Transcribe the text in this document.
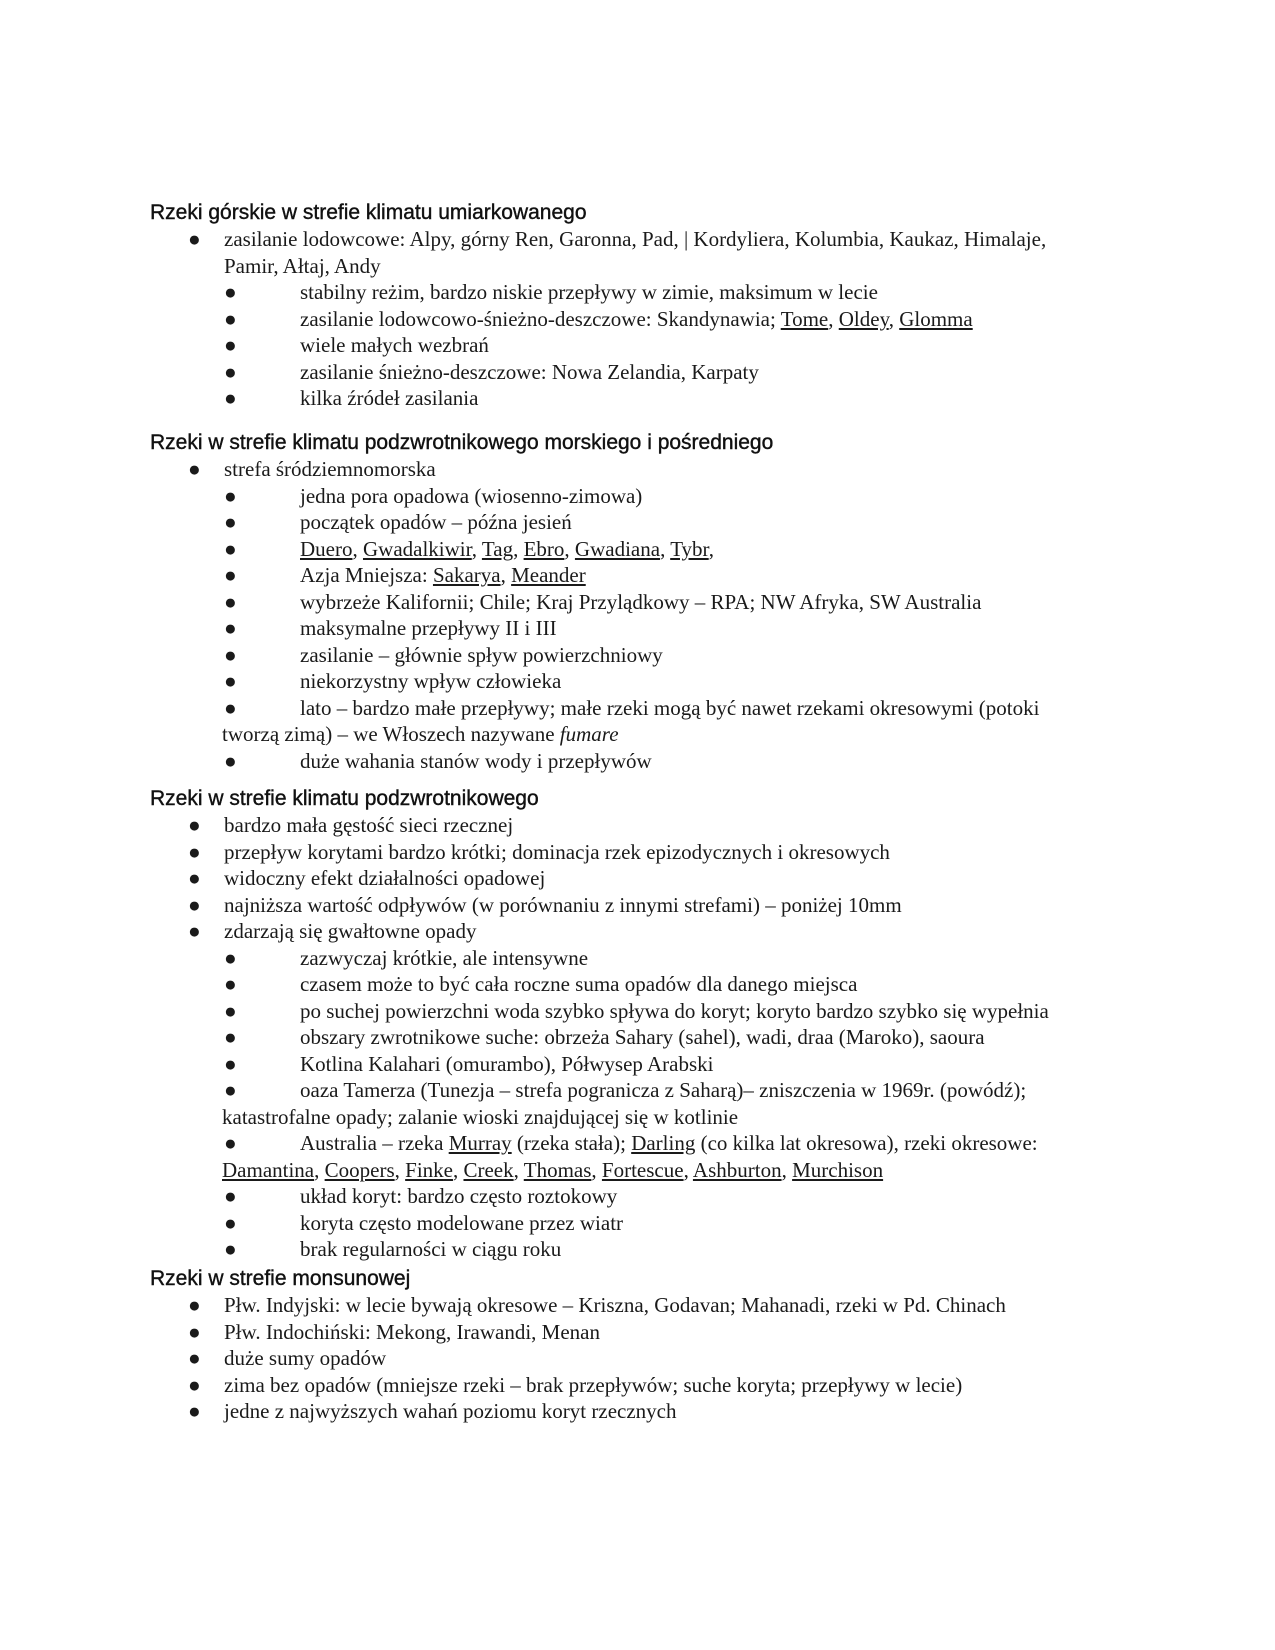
Rzeki górskie w strefie klimatu umiarkowanego
● zasilanie lodowcowe: Alpy, górny Ren, Garonna, Pad, | Kordyliera, Kolumbia, Kaukaz, Himalaje,
Pamir, Ałtaj, Andy
●	stabilny reżim, bardzo niskie przepływy w zimie, maksimum w lecie
●	zasilanie lodowcowo-śnieżno-deszczowe: Skandynawia; Tome, Oldey, Glomma
●	wiele małych wezbrań
●	zasilanie śnieżno-deszczowe: Nowa Zelandia, Karpaty
●	kilka źródeł zasilania
Rzeki w strefie klimatu podzwrotnikowego morskiego i pośredniego
● strefa śródziemnomorska
●	jedna pora opadowa (wiosenno-zimowa)
●	początek opadów – późna jesień
●	Duero, Gwadalkiwir, Tag, Ebro, Gwadiana, Tybr,
●	Azja Mniejsza: Sakarya, Meander
●	wybrzeże Kalifornii; Chile; Kraj Przylądkowy – RPA; NW Afryka, SW Australia
●	maksymalne przepływy II i III
●	zasilanie – głównie spływ powierzchniowy
●	niekorzystny wpływ człowieka
●	lato – bardzo małe przepływy; małe rzeki mogą być nawet rzekami okresowymi (potoki
tworzą zimą) – we Włoszech nazywane fumare
●	duże wahania stanów wody i przepływów
Rzeki w strefie klimatu podzwrotnikowego
● bardzo mała gęstość sieci rzecznej
● przepływ korytami bardzo krótki; dominacja rzek epizodycznych i okresowych
● widoczny efekt działalności opadowej
● najniższa wartość odpływów (w porównaniu z innymi strefami) – poniżej 10mm
● zdarzają się gwałtowne opady
●	zazwyczaj krótkie, ale intensywne
●	czasem może to być cała roczne suma opadów dla danego miejsca
●	po suchej powierzchni woda szybko spływa do koryt; koryto bardzo szybko się wypełnia
●	obszary zwrotnikowe suche: obrzeża Sahary (sahel), wadi, draa (Maroko), saoura
●	Kotlina Kalahari (omurambo), Półwysep Arabski
●	oaza Tamerza (Tunezja – strefa pogranicza z Saharą)– zniszczenia w 1969r. (powódź);
katastrofalne opady; zalanie wioski znajdującej się w kotlinie
●	Australia – rzeka Murray (rzeka stała); Darling (co kilka lat okresowa), rzeki okresowe:
Damantina, Coopers, Finke, Creek, Thomas, Fortescue, Ashburton, Murchison
●	układ koryt: bardzo często roztokowy
●	koryta często modelowane przez wiatr
●	brak regularności w ciągu roku
Rzeki w strefie monsunowej
● Płw. Indyjski: w lecie bywają okresowe – Kriszna, Godavan; Mahanadi, rzeki w Pd. Chinach
● Płw. Indochiński: Mekong, Irawandi, Menan
● duże sumy opadów
● zima bez opadów (mniejsze rzeki – brak przepływów; suche koryta; przepływy w lecie)
● jedne z najwyższych wahań poziomu koryt rzecznych
